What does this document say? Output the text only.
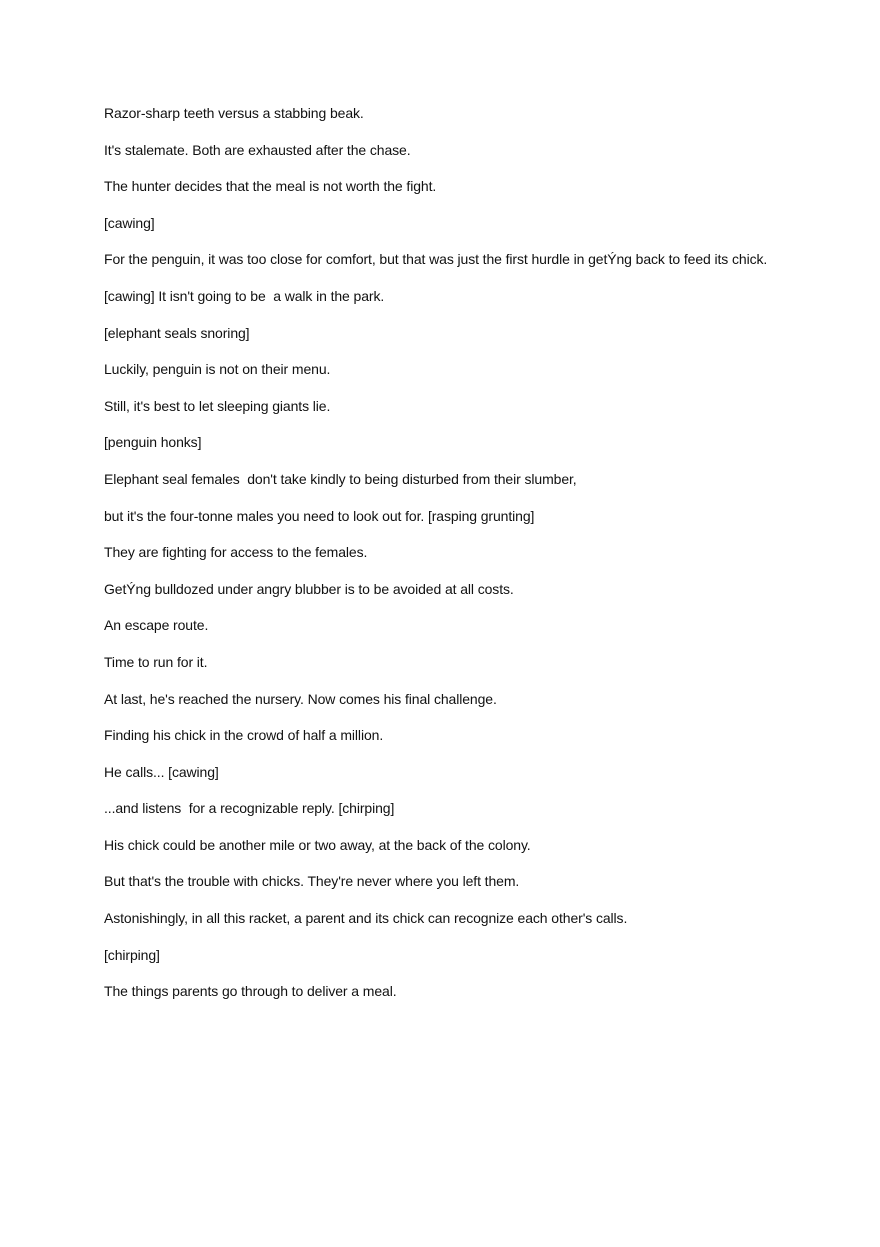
Razor-sharp teeth versus a stabbing beak.

It's stalemate. Both are exhausted after the chase.

The hunter decides that the meal is not worth the fight.

[cawing]

For the penguin, it was too close for comfort, but that was just the first hurdle in getÝng back to feed its chick.

[cawing] It isn't going to be  a walk in the park.

[elephant seals snoring]

Luckily, penguin is not on their menu.

Still, it's best to let sleeping giants lie.

[penguin honks]

Elephant seal females  don't take kindly to being disturbed from their slumber,

but it's the four-tonne males you need to look out for. [rasping grunting]

They are fighting for access to the females.

GetÝng bulldozed under angry blubber is to be avoided at all costs.

An escape route.

Time to run for it.

At last, he's reached the nursery. Now comes his final challenge.

Finding his chick in the crowd of half a million.

He calls... [cawing]

...and listens  for a recognizable reply. [chirping]

His chick could be another mile or two away, at the back of the colony.

But that's the trouble with chicks. They're never where you left them.

Astonishingly, in all this racket, a parent and its chick can recognize each other's calls.

[chirping]

The things parents go through to deliver a meal.
